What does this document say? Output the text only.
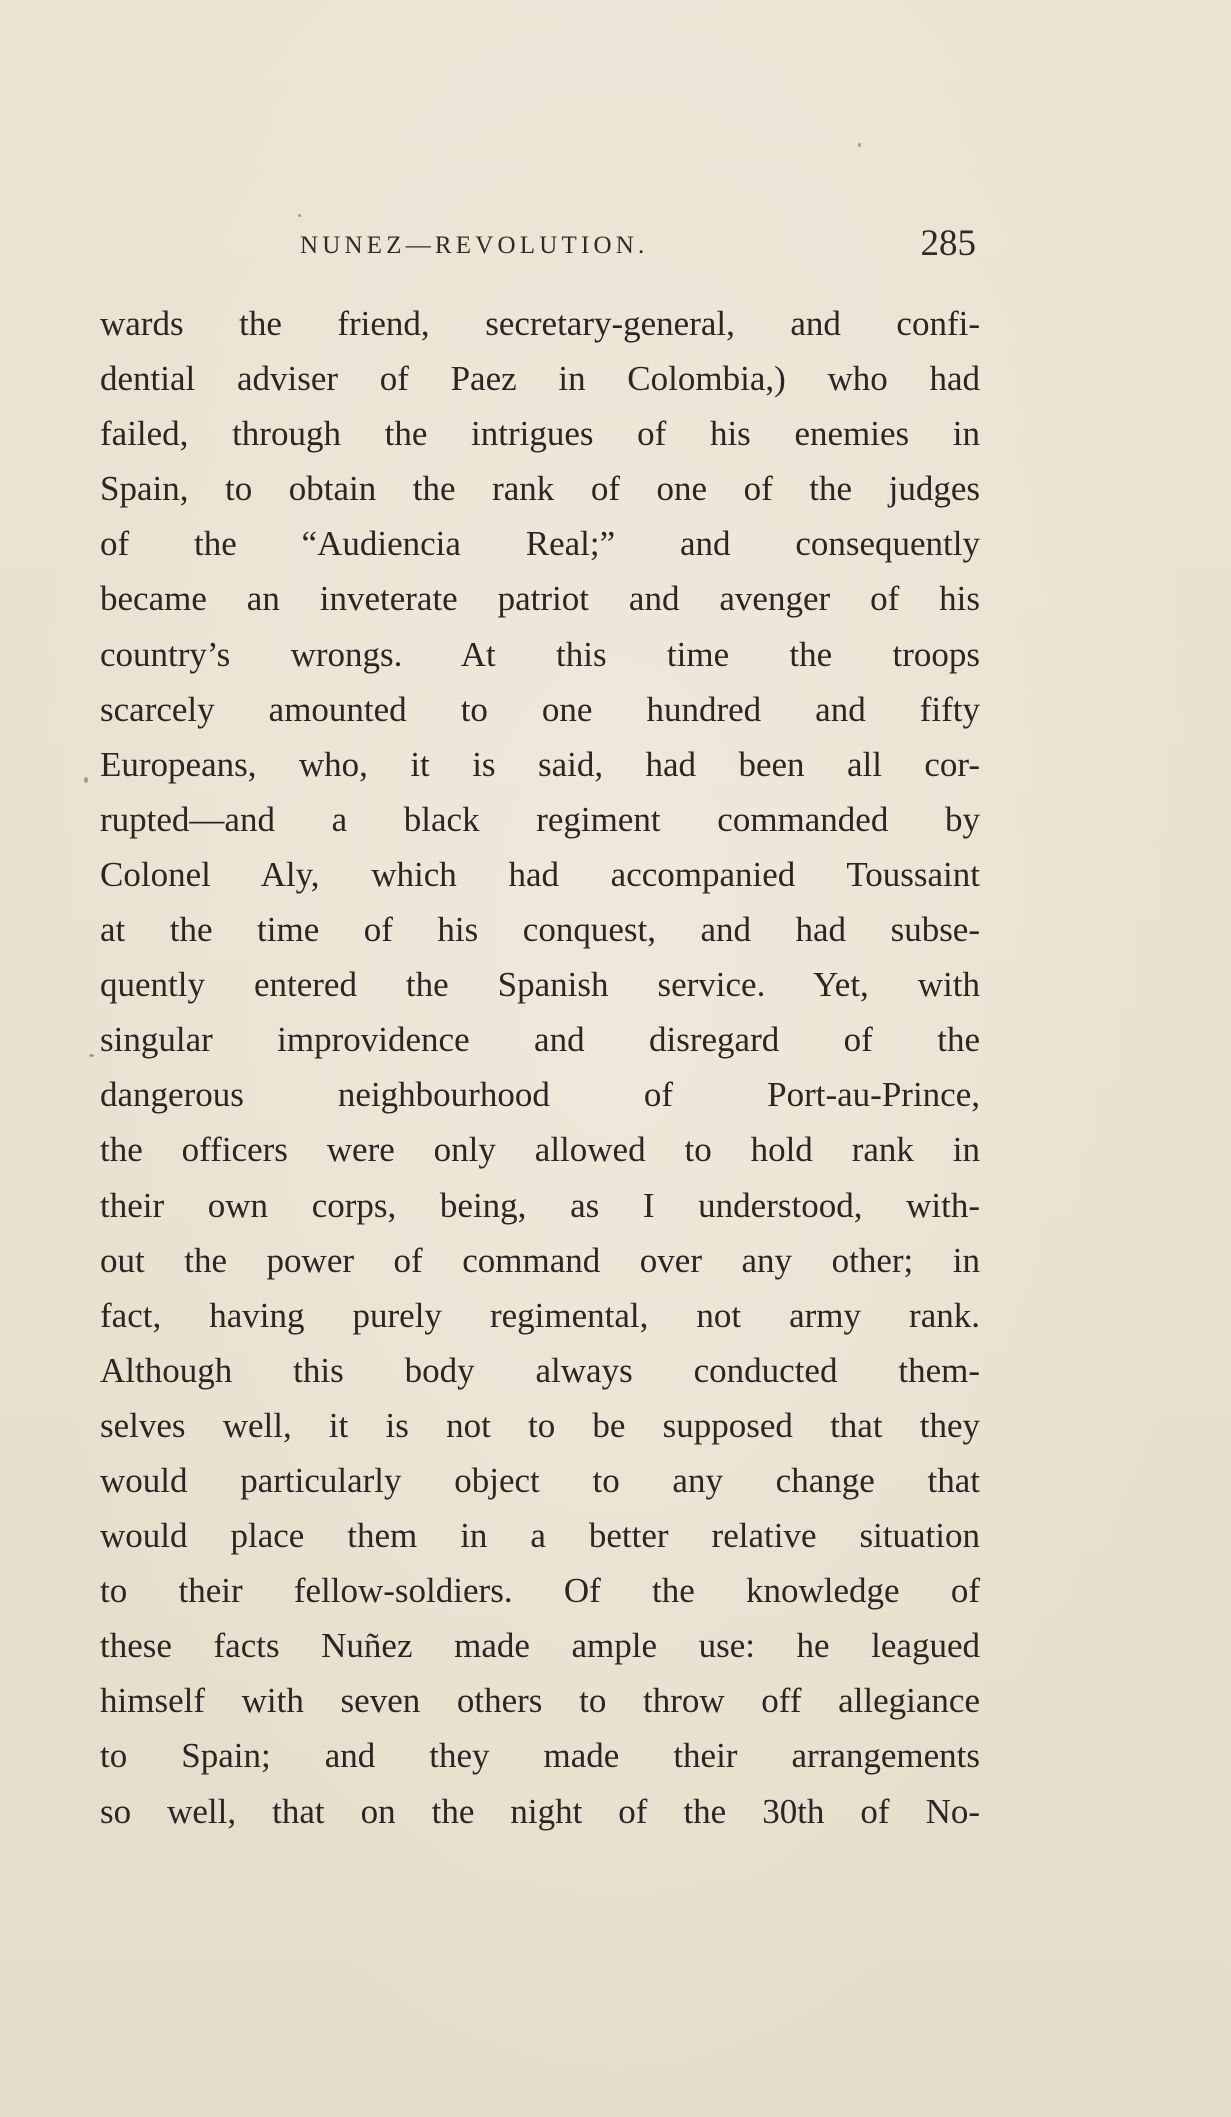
NUNEZ—REVOLUTION.	285
wards the friend, secretary-general, and confi-
dential adviser of Paez in Colombia,) who had
failed, through the intrigues of his enemies in
Spain, to obtain the rank of one of the judges
of the “Audiencia Real;” and consequently
became an inveterate patriot and avenger of his
country’s wrongs. At this time the troops
scarcely amounted to one hundred and fifty
Europeans, who, it is said, had been all cor-
rupted—and a black regiment commanded by
Colonel Aly, which had accompanied Toussaint
at the time of his conquest, and had subse-
quently entered the Spanish service. Yet, with
singular improvidence and disregard of the
dangerous neighbourhood of Port-au-Prince,
the officers were only allowed to hold rank in
their own corps, being, as I understood, with-
out the power of command over any other; in
fact, having purely regimental, not army rank.
Although this body always conducted them-
selves well, it is not to be supposed that they
would particularly object to any change that
would place them in a better relative situation
to their fellow-soldiers. Of the knowledge of
these facts Nuñez made ample use: he leagued
himself with seven others to throw off allegiance
to Spain; and they made their arrangements
so well, that on the night of the 30th of No-
